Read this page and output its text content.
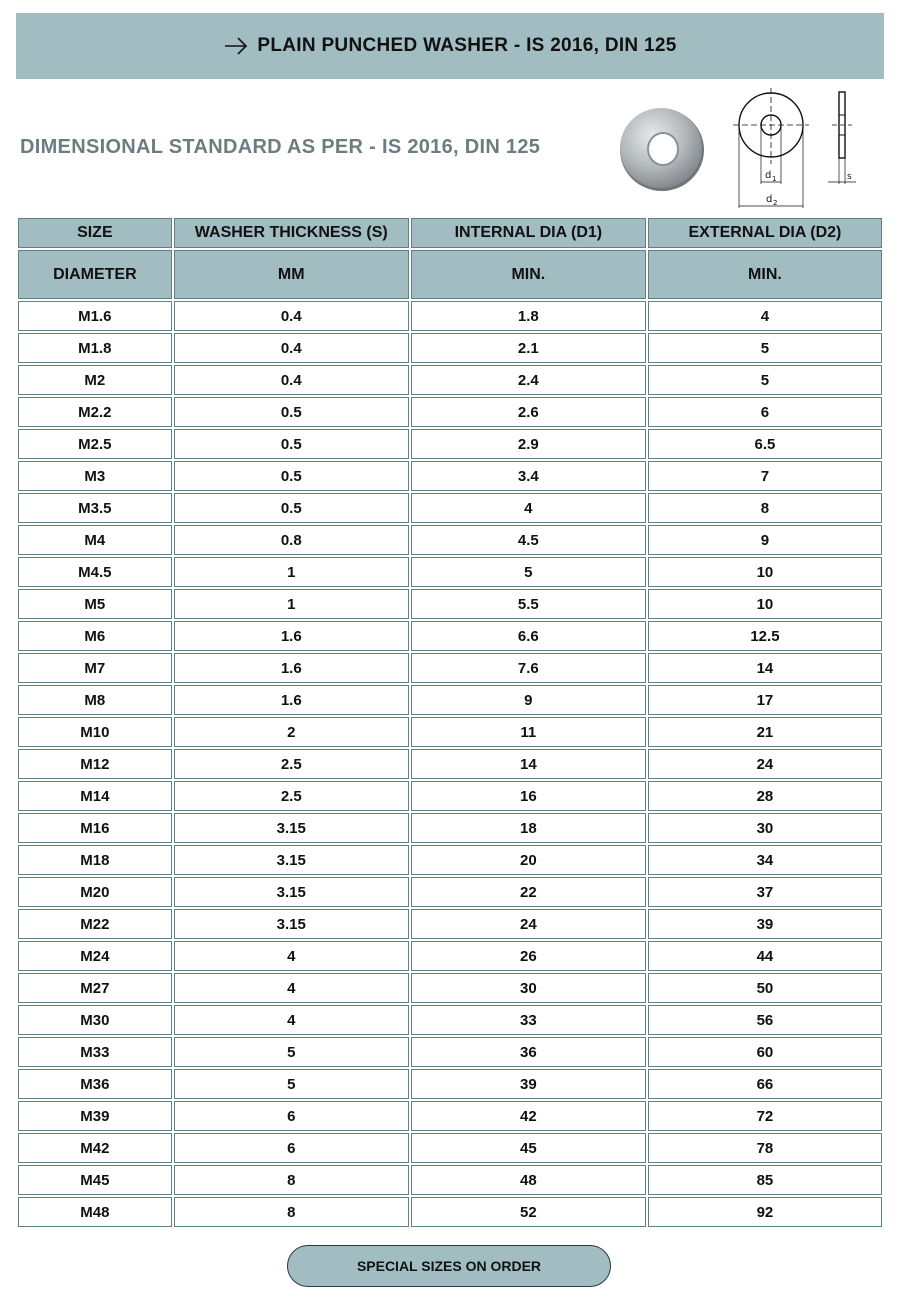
PLAIN PUNCHED WASHER - IS 2016, DIN 125
DIMENSIONAL STANDARD AS PER - IS 2016, DIN 125
d 1
d 2
s
SIZE	WASHER THICKNESS (S)	INTERNAL DIA (D1)	EXTERNAL DIA (D2)
DIAMETER	MM	MIN.	MIN.
M1.6	0.4	1.8	4
M1.8	0.4	2.1	5
M2	0.4	2.4	5
M2.2	0.5	2.6	6
M2.5	0.5	2.9	6.5
M3	0.5	3.4	7
M3.5	0.5	4	8
M4	0.8	4.5	9
M4.5	1	5	10
M5	1	5.5	10
M6	1.6	6.6	12.5
M7	1.6	7.6	14
M8	1.6	9	17
M10	2	11	21
M12	2.5	14	24
M14	2.5	16	28
M16	3.15	18	30
M18	3.15	20	34
M20	3.15	22	37
M22	3.15	24	39
M24	4	26	44
M27	4	30	50
M30	4	33	56
M33	5	36	60
M36	5	39	66
M39	6	42	72
M42	6	45	78
M45	8	48	85
M48	8	52	92
SPECIAL SIZES ON ORDER
